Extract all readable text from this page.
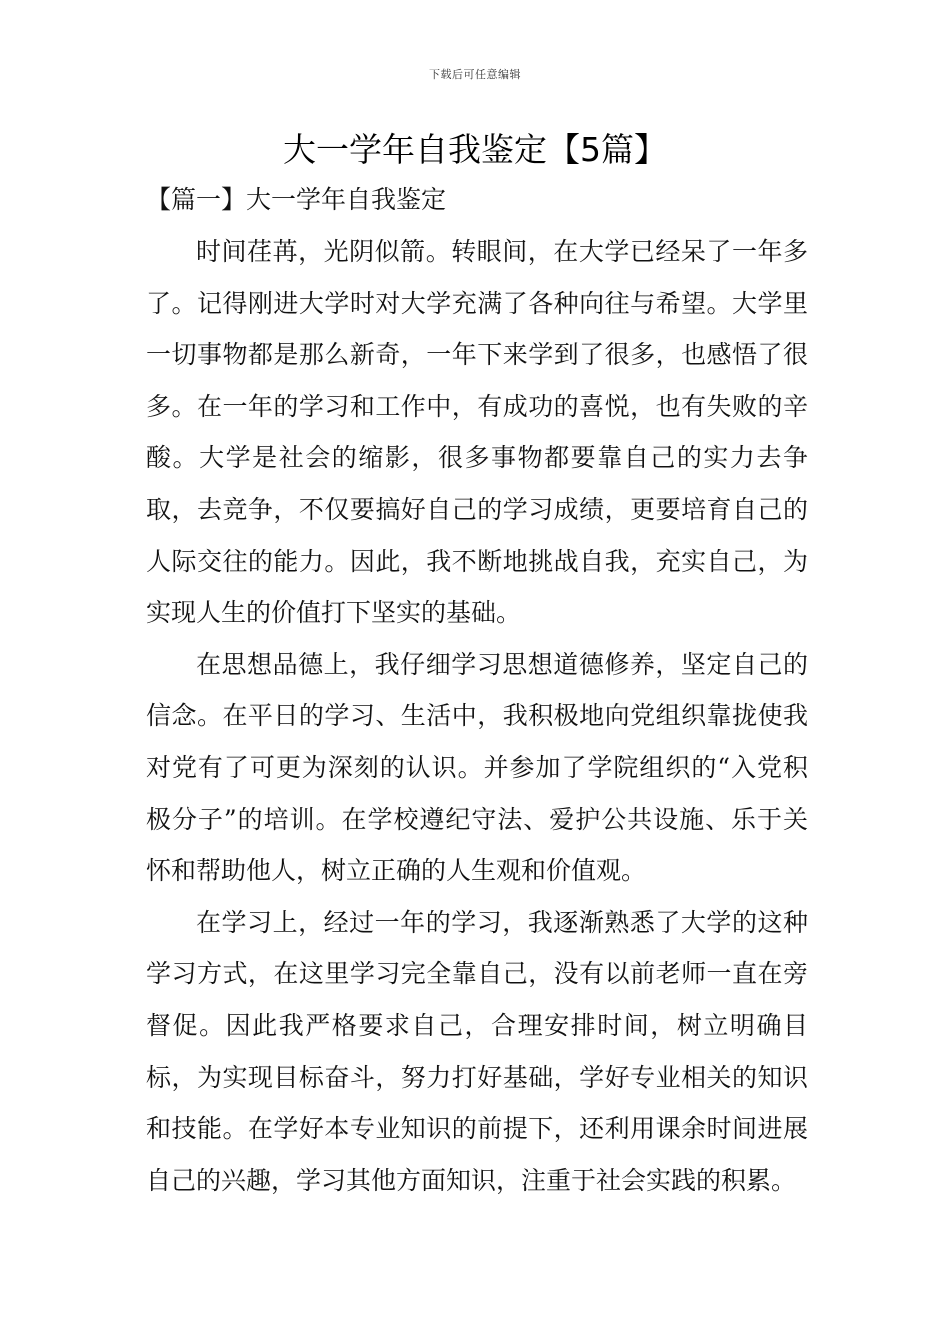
下载后可任意编辑
大一学年自我鉴定【5篇】
【篇一】大一学年自我鉴定

时间荏苒，光阴似箭。转眼间，在大学已经呆了一年多了。记得刚进大学时对大学充满了各种向往与希望。大学里一切事物都是那么新奇，一年下来学到了很多，也感悟了很多。在一年的学习和工作中，有成功的喜悦，也有失败的辛酸。大学是社会的缩影，很多事物都要靠自己的实力去争取，去竞争，不仅要搞好自己的学习成绩，更要培育自己的人际交往的能力。因此，我不断地挑战自我，充实自己，为实现人生的价值打下坚实的基础。

在思想品德上，我仔细学习思想道德修养，坚定自己的信念。在平日的学习、生活中，我积极地向党组织靠拢使我对党有了可更为深刻的认识。并参加了学院组织的“入党积极分子”的培训。在学校遵纪守法、爱护公共设施、乐于关怀和帮助他人，树立正确的人生观和价值观。

在学习上，经过一年的学习，我逐渐熟悉了大学的这种学习方式，在这里学习完全靠自己，没有以前老师一直在旁督促。因此我严格要求自己，合理安排时间，树立明确目标，为实现目标奋斗，努力打好基础，学好专业相关的知识和技能。在学好本专业知识的前提下，还利用课余时间进展自己的兴趣，学习其他方面知识，注重于社会实践的积累。
